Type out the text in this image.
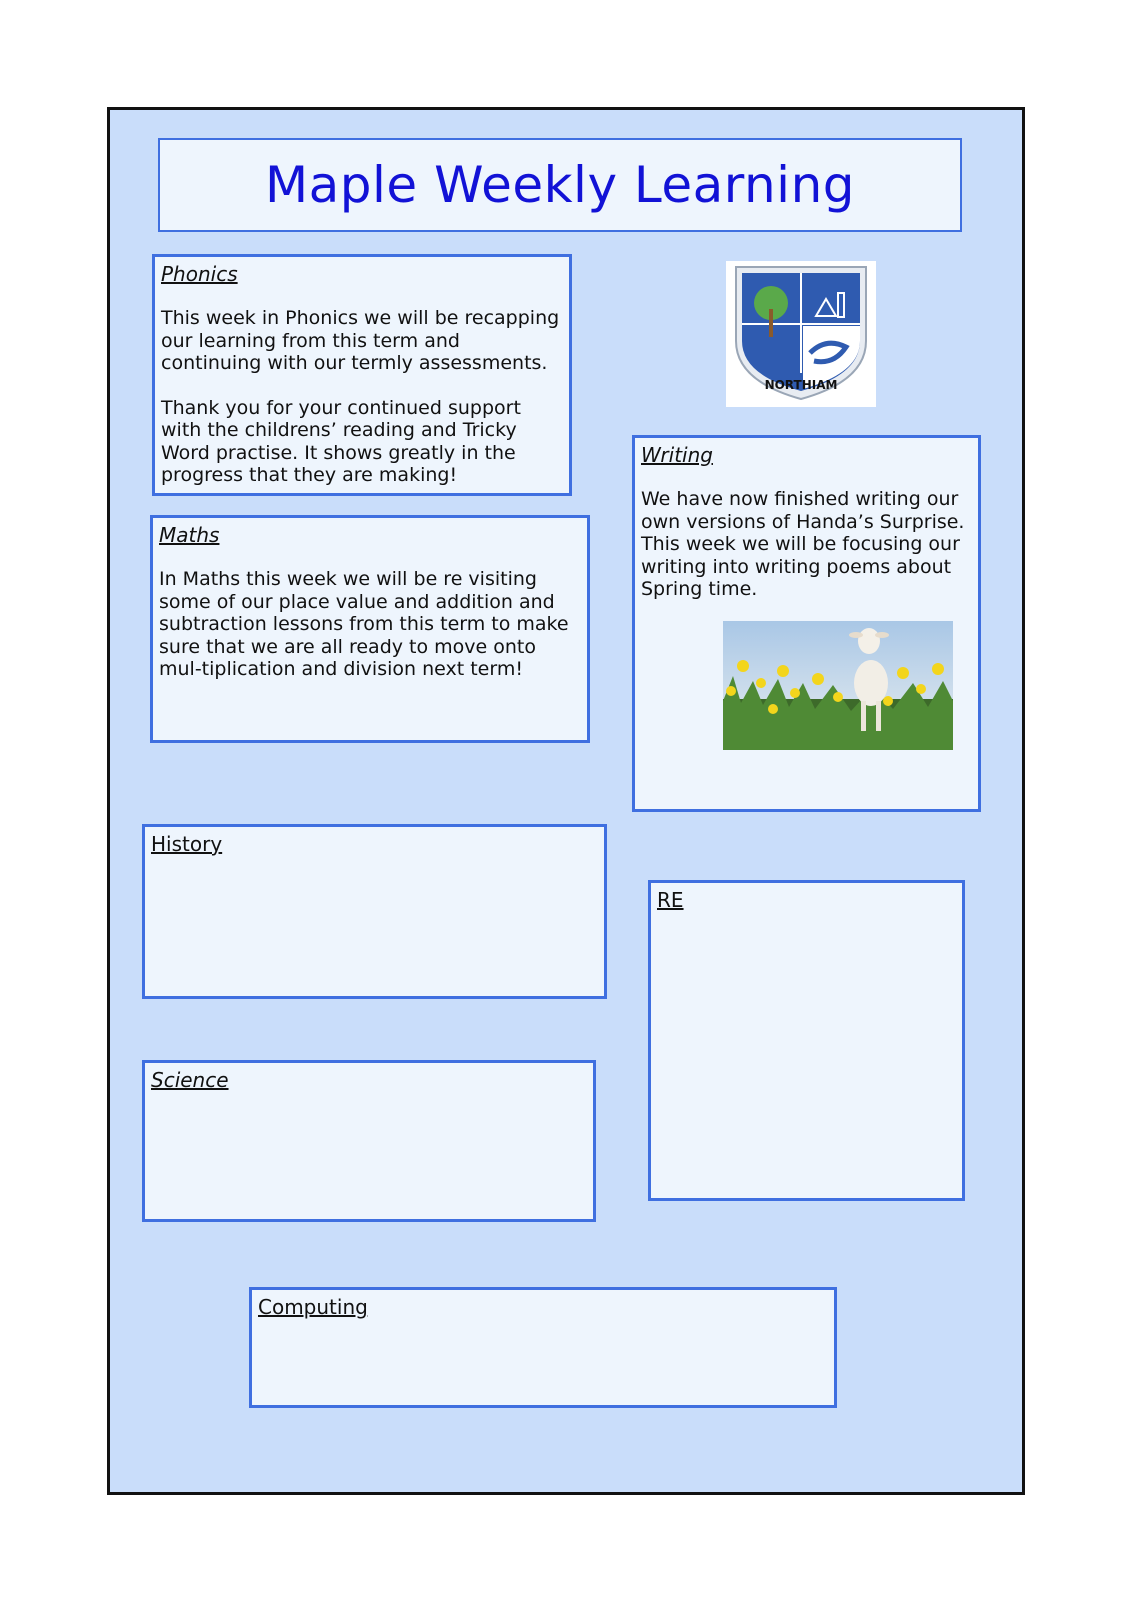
Maple Weekly Learning
Phonics

This week in Phonics we will be recapping our learning from this term and continuing with our termly assessments.

Thank you for your continued support with the childrens’ reading and Tricky Word practise. It shows greatly in the progress that they are making!

NORTHIAM
Maths

In Maths this week we will be re visiting some of our place value and addition and subtraction lessons from this term to make sure that we are all ready to move onto mul-tiplication and division next term!

Writing

We have now finished writing our own versions of Handa’s Surprise. This week we will be focusing our writing into writing poems about Spring time.

History
RE
Science
Computing
